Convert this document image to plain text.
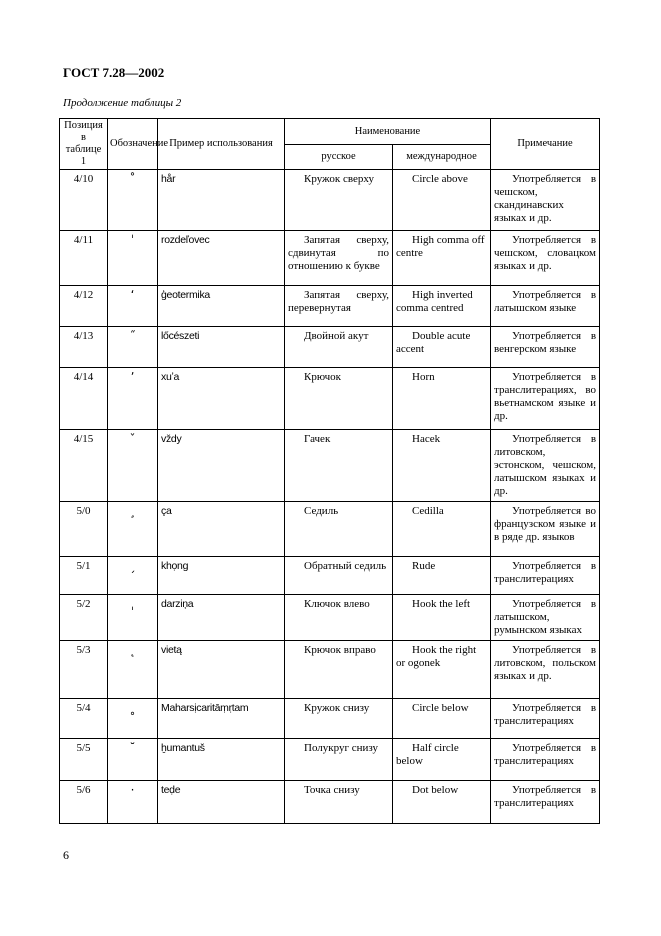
ГОСТ 7.28—2002
Продолжение таблицы 2
Позиция в таблице 1	Обозначение	Пример использования	Наименование		Примечание
			русское	международное	
4/10	˚	hår	Кружок сверху	Circle above	Употребляется в чешском, скандинавских языках и др.
4/11	ˈ	rozdeľovec	Запятая сверху, сдвинутая по отношению к букве	High comma off centre	Употребляется в чешском, словацком языках и др.
4/12	ʻ	ģeotermika	Запятая сверху, перевернутая	High inverted comma centred	Употребляется в латышском языке
4/13	˝	lőcészeti	Двойной акут	Double acute accent	Употребляется в венгерском языке
4/14	ʼ	xuʼa	Крючок	Horn	Употребляется в транслитерациях, во вьетнамском языке и др.
4/15	ˇ	vždy	Гачек	Hacek	Употребляется в литовском, эстонском, чешском, латышском языках и др.
5/0	¸	ça	Седиль	Cedilla	Употребляется во французском языке и в ряде др. языков
5/1	ˏ	khọng	Обратный седиль	Rude	Употребляется в транслитерациях
5/2	ˌ	darziņa	Ключок влево	Hook the left	Употребляется в латышском, румынском языках
5/3	˛	vietą	Крючок вправо	Hook the right or ogonek	Употребляется в литовском, польском языках и др.
5/4	˳	Maharsịcaritāṃṛtam	Кружок снизу	Circle below	Употребляется в транслитерациях
5/5	˘	ḫumantuš	Полукруг снизу	Half circle below	Употребляется в транслитерациях
5/6	·	teḍe	Точка снизу	Dot below	Употребляется в транслитерациях
6
